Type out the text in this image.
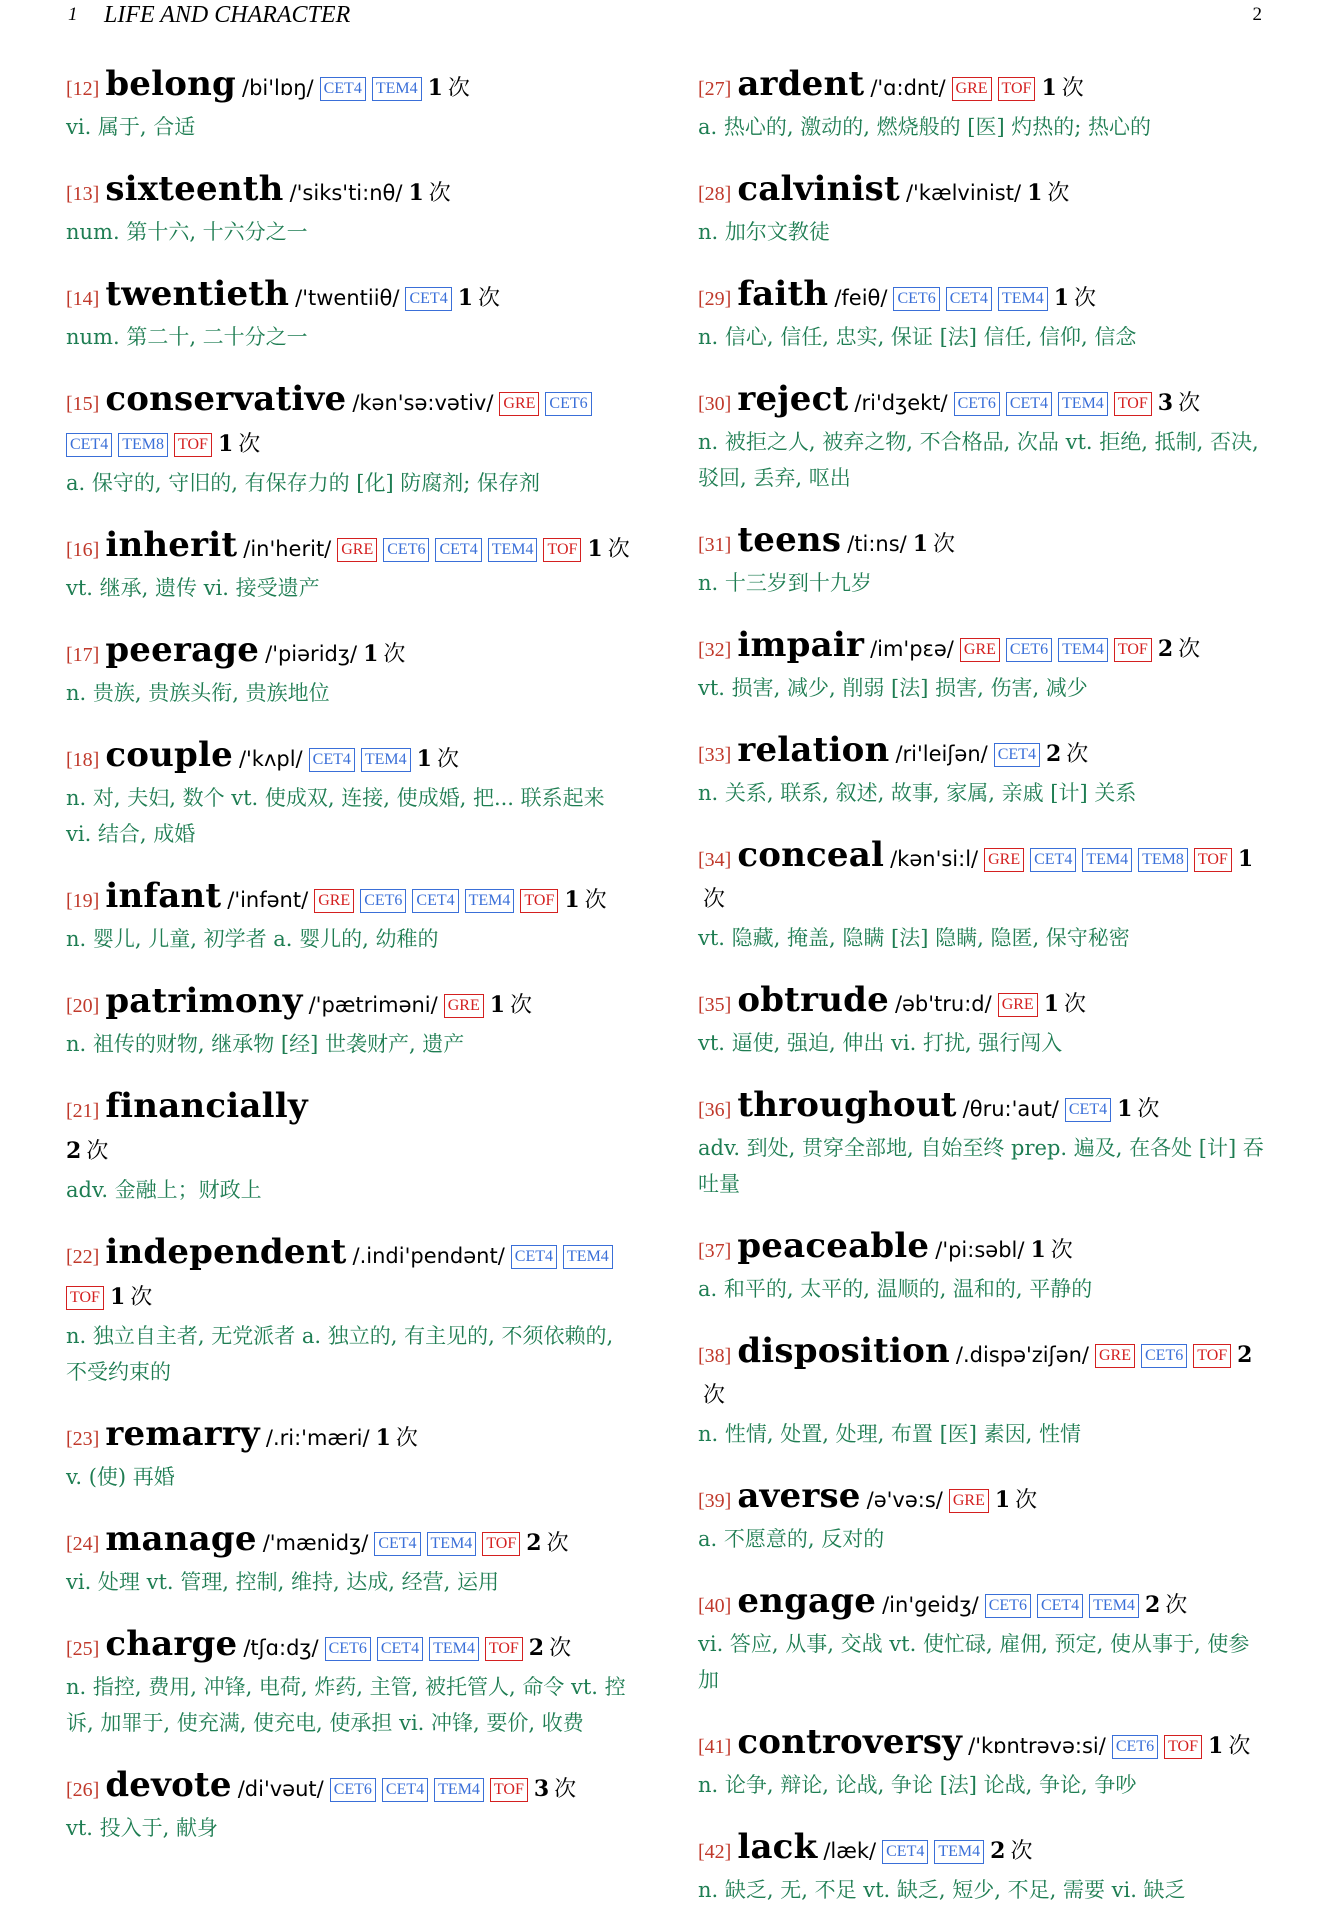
1 LIFE AND CHARACTER	2
[12] belong /bi'lɒŋ/ CET4 TEM4 1 次
vi. 属于, 合适
[13] sixteenth /'siks'ti:nθ/ 1 次
num. 第十六, 十六分之一
[14] twentieth /'twentiiθ/ CET4 1 次
num. 第二十, 二十分之一
[15] conservative /kən'sə:vətiv/ GRE CET6CET4 TEM8 TOF 1 次
a. 保守的, 守旧的, 有保存力的 [化] 防腐剂; 保存剂
[16] inherit /in'herit/ GRE CET6 CET4 TEM4 TOF 1 次
vt. 继承, 遗传 vi. 接受遗产
[17] peerage /'piəridʒ/ 1 次
n. 贵族, 贵族头衔, 贵族地位
[18] couple /'kʌpl/ CET4 TEM4 1 次
n. 对, 夫妇, 数个 vt. 使成双, 连接, 使成婚, 把... 联系起来 vi. 结合, 成婚
[19] infant /'infənt/ GRE CET6 CET4 TEM4 TOF 1 次
n. 婴儿, 儿童, 初学者 a. 婴儿的, 幼稚的
[20] patrimony /'pætriməni/ GRE 1 次
n. 祖传的财物, 继承物 [经] 世袭财产, 遗产
[21] financially
2 次
adv. 金融上；财政上
[22] independent /.indi'pendənt/ CET4 TEM4TOF 1 次
n. 独立自主者, 无党派者 a. 独立的, 有主见的, 不须依赖的, 不受约束的
[23] remarry /.ri:'mæri/ 1 次
v. (使) 再婚
[24] manage /'mænidʒ/ CET4 TEM4 TOF 2 次
vi. 处理 vt. 管理, 控制, 维持, 达成, 经营, 运用
[25] charge /tʃɑ:dʒ/ CET6 CET4 TEM4 TOF 2 次
n. 指控, 费用, 冲锋, 电荷, 炸药, 主管, 被托管人, 命令 vt. 控诉, 加罪于, 使充满, 使充电, 使承担 vi. 冲锋, 要价, 收费
[26] devote /di'vəut/ CET6 CET4 TEM4 TOF 3 次
vt. 投入于, 献身
[27] ardent /'ɑ:dnt/ GRE TOF 1 次
a. 热心的, 激动的, 燃烧般的 [医] 灼热的; 热心的
[28] calvinist /'kælvinist/ 1 次
n. 加尔文教徒
[29] faith /feiθ/ CET6 CET4 TEM4 1 次
n. 信心, 信任, 忠实, 保证 [法] 信任, 信仰, 信念
[30] reject /ri'dʒekt/ CET6 CET4 TEM4 TOF 3 次
n. 被拒之人, 被弃之物, 不合格品, 次品 vt. 拒绝, 抵制, 否决, 驳回, 丢弃, 呕出
[31] teens /ti:ns/ 1 次
n. 十三岁到十九岁
[32] impair /im'pɛə/ GRE CET6 TEM4 TOF 2 次
vt. 损害, 减少, 削弱 [法] 损害, 伤害, 减少
[33] relation /ri'leiʃən/ CET4 2 次
n. 关系, 联系, 叙述, 故事, 家属, 亲戚 [计] 关系
[34] conceal /kən'si:l/ GRE CET4 TEM4 TEM8 TOF 1次
vt. 隐藏, 掩盖, 隐瞒 [法] 隐瞒, 隐匿, 保守秘密
[35] obtrude /əb'tru:d/ GRE 1 次
vt. 逼使, 强迫, 伸出 vi. 打扰, 强行闯入
[36] throughout /θru:'aut/ CET4 1 次
adv. 到处, 贯穿全部地, 自始至终 prep. 遍及, 在各处 [计] 吞吐量
[37] peaceable /'pi:səbl/ 1 次
a. 和平的, 太平的, 温顺的, 温和的, 平静的
[38] disposition /.dispə'ziʃən/ GRE CET6 TOF 2次
n. 性情, 处置, 处理, 布置 [医] 素因, 性情
[39] averse /ə'və:s/ GRE 1 次
a. 不愿意的, 反对的
[40] engage /in'geidʒ/ CET6 CET4 TEM4 2 次
vi. 答应, 从事, 交战 vt. 使忙碌, 雇佣, 预定, 使从事于, 使参加
[41] controversy /'kɒntrəvə:si/ CET6 TOF 1 次
n. 论争, 辩论, 论战, 争论 [法] 论战, 争论, 争吵
[42] lack /læk/ CET4 TEM4 2 次
n. 缺乏, 无, 不足 vt. 缺乏, 短少, 不足, 需要 vi. 缺乏
